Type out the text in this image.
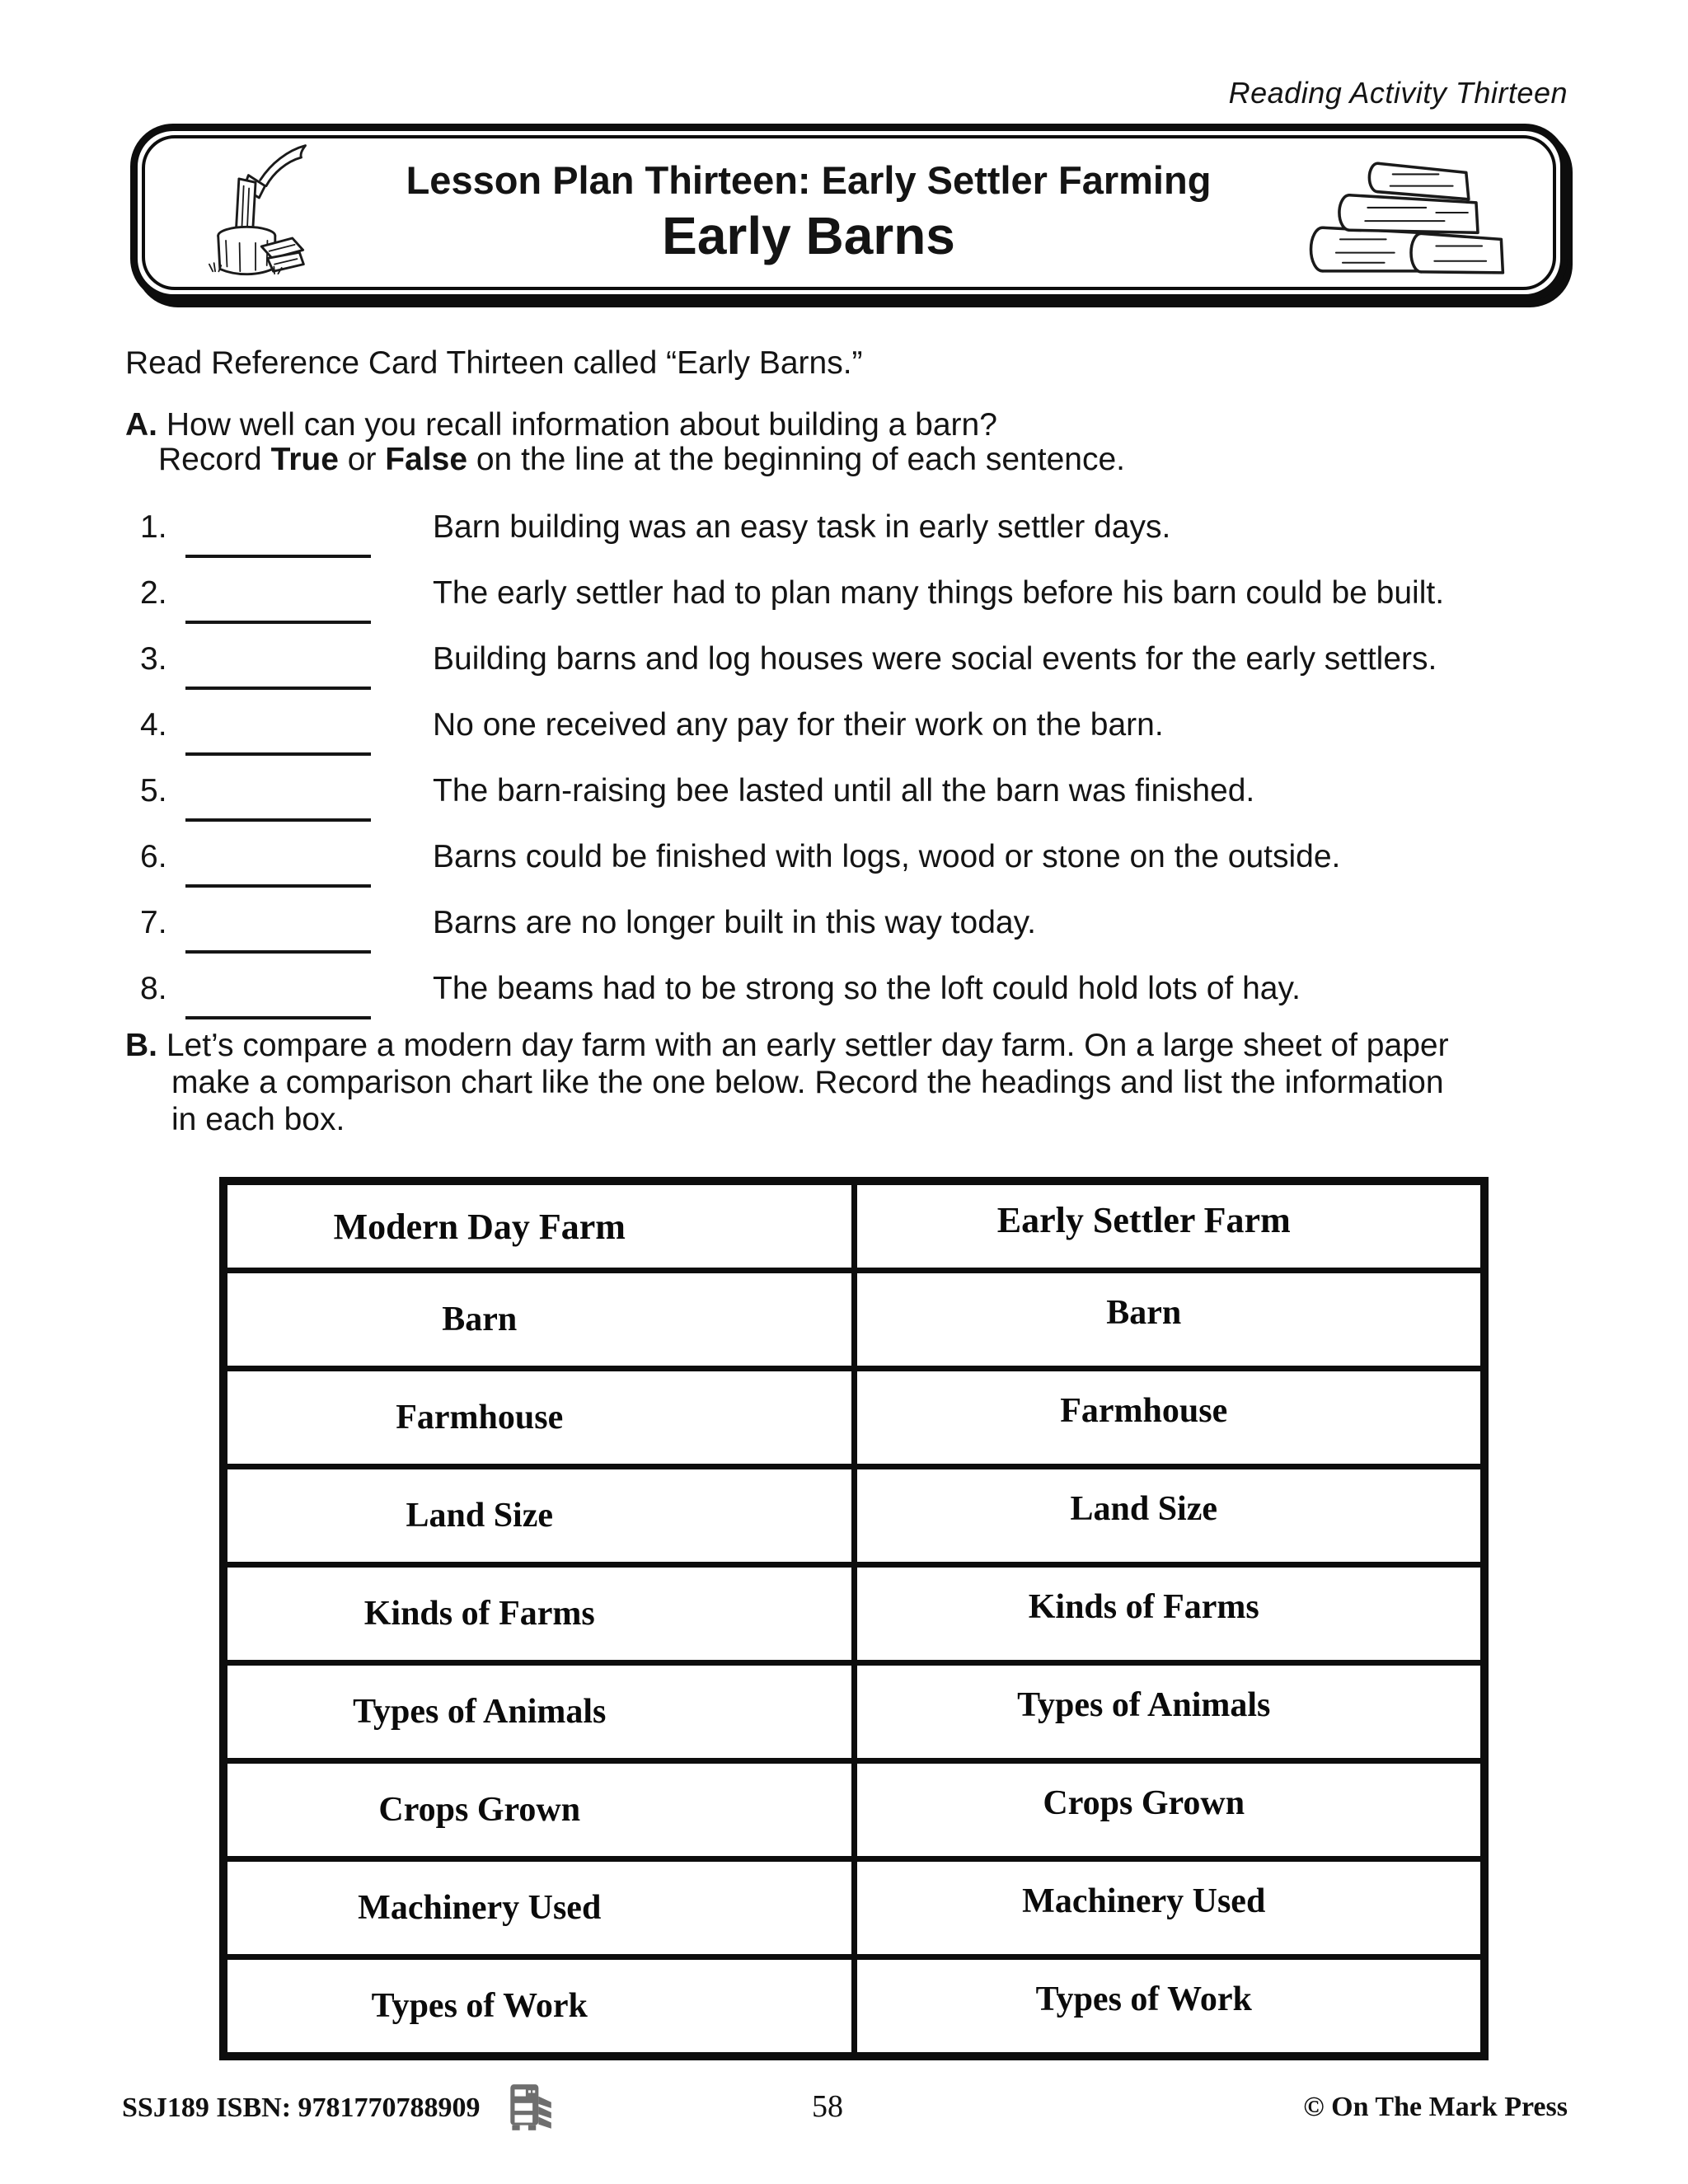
Reading Activity Thirteen
Lesson Plan Thirteen: Early Settler Farming
Early Barns
Read Reference Card Thirteen called “Early Barns.”
A. How well can you recall information about building a barn?
Record True or False on the line at the beginning of each sentence.
1.	Barn building was an easy task in early settler days.
2.	The early settler had to plan many things before his barn could be built.
3.	Building barns and log houses were social events for the early settlers.
4.	No one received any pay for their work on the barn.
5.	The barn-raising bee lasted until all the barn was finished.
6.	Barns could be finished with logs, wood or stone on the outside.
7.	Barns are no longer built in this way today.
8.	The beams had to be strong so the loft could hold lots of hay.
B. Let’s compare a modern day farm with an early settler day farm. On a large sheet of paper
make a comparison chart like the one below. Record the headings and list the information
in each box.
Modern Day Farm	Early Settler Farm
Barn	Barn
Farmhouse	Farmhouse
Land Size	Land Size
Kinds of Farms	Kinds of Farms
Types of Animals	Types of Animals
Crops Grown	Crops Grown
Machinery Used	Machinery Used
Types of Work	Types of Work
SSJ189 ISBN: 9781770788909	58	© On The Mark Press
